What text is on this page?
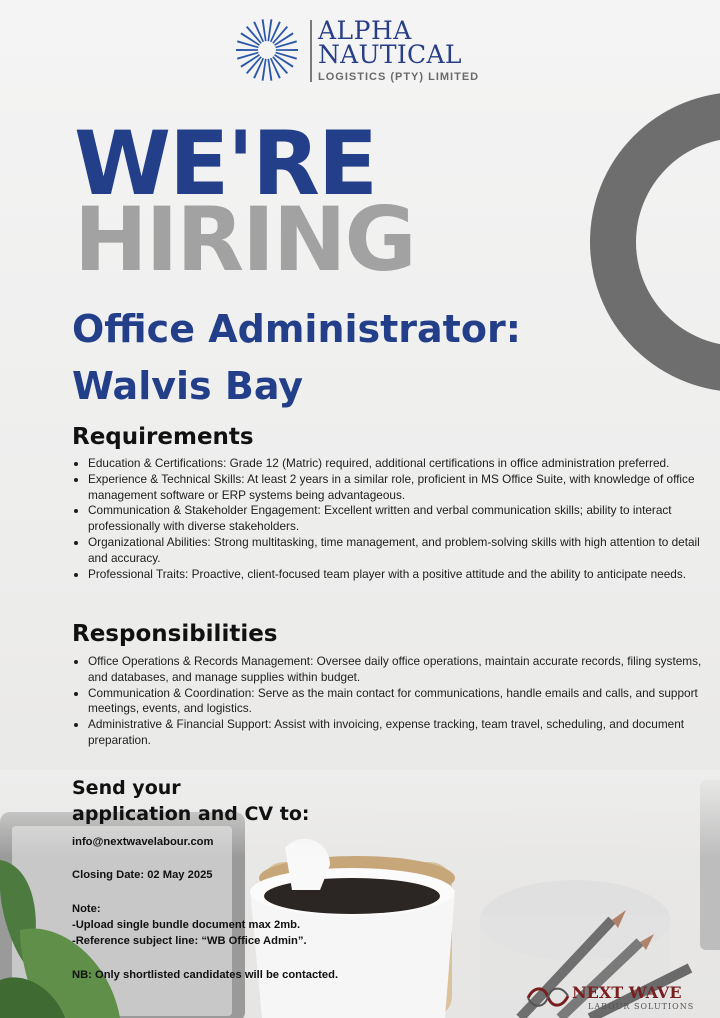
ALPHA
NAUTICAL
LOGISTICS (PTY) LIMITED
WE'RE
HIRING
Office Administrator:
Walvis Bay
Requirements
• Education & Certifications: Grade 12 (Matric) required, additional certifications in office administration preferred.
• Experience & Technical Skills: At least 2 years in a similar role, proficient in MS Office Suite, with knowledge of office management software or ERP systems being advantageous.
• Communication & Stakeholder Engagement: Excellent written and verbal communication skills; ability to interact professionally with diverse stakeholders.
• Organizational Abilities: Strong multitasking, time management, and problem-solving skills with high attention to detail and accuracy.
• Professional Traits: Proactive, client-focused team player with a positive attitude and the ability to anticipate needs.
Responsibilities
• Office Operations & Records Management: Oversee daily office operations, maintain accurate records, filing systems, and databases, and manage supplies within budget.
• Communication & Coordination: Serve as the main contact for communications, handle emails and calls, and support meetings, events, and logistics.
• Administrative & Financial Support: Assist with invoicing, expense tracking, team travel, scheduling, and document preparation.
Send your
application and CV to:
info@nextwavelabour.com
Closing Date: 02 May 2025
Note:
-Upload single bundle document max 2mb.
-Reference subject line: “WB Office Admin”.
NB: Only shortlisted candidates will be contacted.
NEXT WAVE
LABOUR SOLUTIONS
